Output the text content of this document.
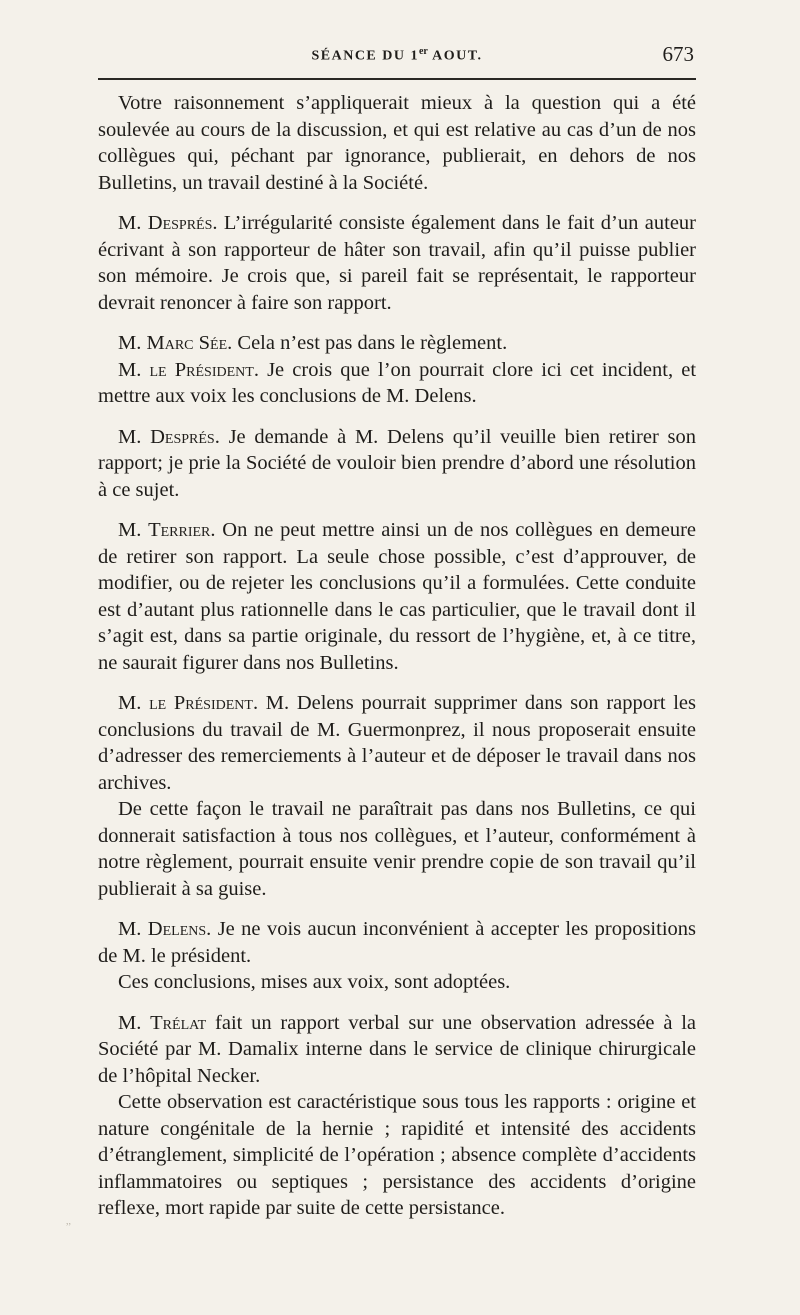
SÉANCE DU 1er AOUT.	673

Votre raisonnement s’appliquerait mieux à la question qui a été soulevée au cours de la discussion, et qui est relative au cas d’un de nos collègues qui, péchant par ignorance, publierait, en dehors de nos Bulletins, un travail destiné à la Société.

M. Després. L’irrégularité consiste également dans le fait d’un auteur écrivant à son rapporteur de hâter son travail, afin qu’il puisse publier son mémoire. Je crois que, si pareil fait se représentait, le rapporteur devrait renoncer à faire son rapport.

M. Marc Sée. Cela n’est pas dans le règlement.

M. le Président. Je crois que l’on pourrait clore ici cet incident, et mettre aux voix les conclusions de M. Delens.

M. Després. Je demande à M. Delens qu’il veuille bien retirer son rapport; je prie la Société de vouloir bien prendre d’abord une résolution à ce sujet.

M. Terrier. On ne peut mettre ainsi un de nos collègues en demeure de retirer son rapport. La seule chose possible, c’est d’approuver, de modifier, ou de rejeter les conclusions qu’il a formulées. Cette conduite est d’autant plus rationnelle dans le cas particulier, que le travail dont il s’agit est, dans sa partie originale, du ressort de l’hygiène, et, à ce titre, ne saurait figurer dans nos Bulletins.

M. le Président. M. Delens pourrait supprimer dans son rapport les conclusions du travail de M. Guermonprez, il nous proposerait ensuite d’adresser des remerciements à l’auteur et de déposer le travail dans nos archives.

De cette façon le travail ne paraîtrait pas dans nos Bulletins, ce qui donnerait satisfaction à tous nos collègues, et l’auteur, conformément à notre règlement, pourrait ensuite venir prendre copie de son travail qu’il publierait à sa guise.

M. Delens. Je ne vois aucun inconvénient à accepter les propositions de M. le président.

Ces conclusions, mises aux voix, sont adoptées.

M. Trélat fait un rapport verbal sur une observation adressée à la Société par M. Damalix interne dans le service de clinique chirurgicale de l’hôpital Necker.

Cette observation est caractéristique sous tous les rapports : origine et nature congénitale de la hernie ; rapidité et intensité des accidents d’étranglement, simplicité de l’opération ; absence complète d’accidents inflammatoires ou septiques ; persistance des accidents d’origine reflexe, mort rapide par suite de cette persistance.

,,
